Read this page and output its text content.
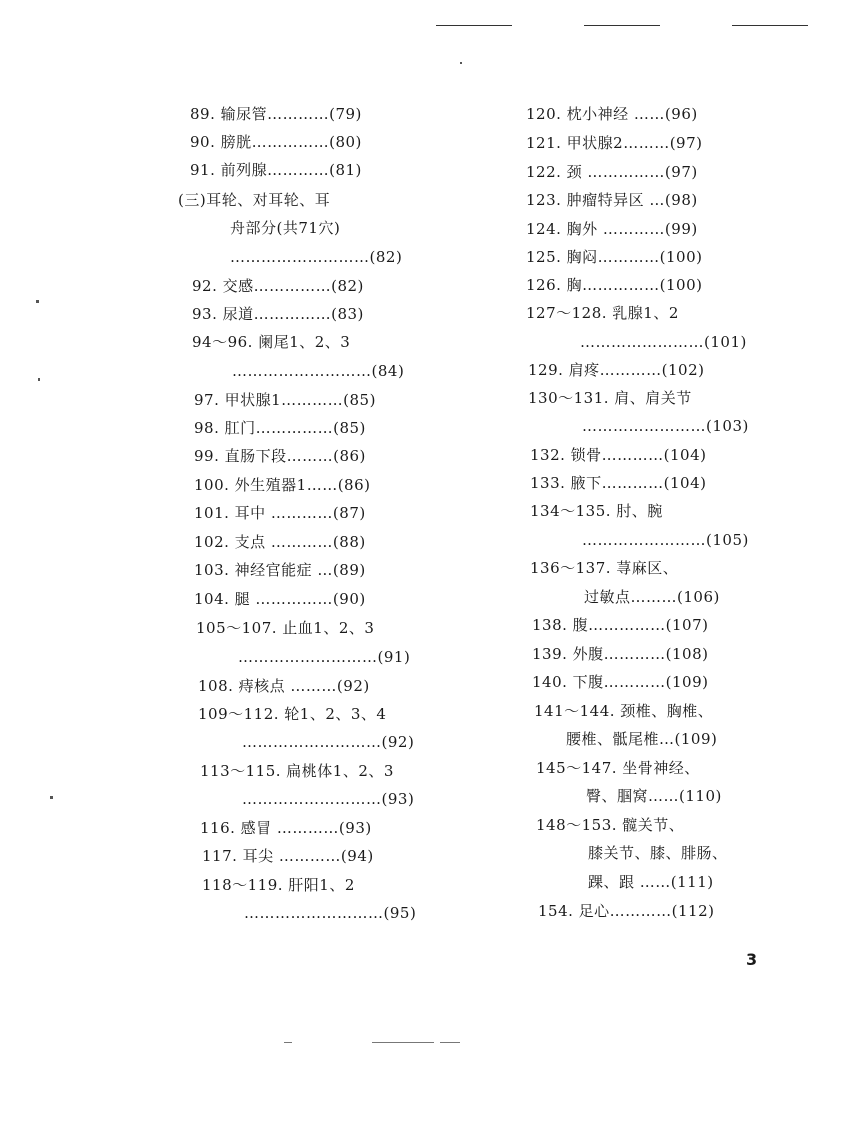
89. 输尿管…………(79)
90. 膀胱……………(80)
91. 前列腺…………(81)
(三)耳轮、对耳轮、耳
舟部分(共71穴)
………………………(82)
92. 交感……………(82)
93. 尿道……………(83)
94～96. 阑尾1、2、3
………………………(84)
97. 甲状腺1…………(85)
98. 肛门……………(85)
99. 直肠下段………(86)
100. 外生殖器1……(86)
101. 耳中 …………(87)
102. 支点 …………(88)
103. 神经官能症 …(89)
104. 腿 ……………(90)
105～107. 止血1、2、3
………………………(91)
108. 痔核点 ………(92)
109～112. 轮1、2、3、4
………………………(92)
113～115. 扁桃体1、2、3
………………………(93)
116. 感冒 …………(93)
117. 耳尖 …………(94)
118～119. 肝阳1、2
………………………(95)
120. 枕小神经 ……(96)
121. 甲状腺2………(97)
122. 颈 ……………(97)
123. 肿瘤特异区 …(98)
124. 胸外 …………(99)
125. 胸闷…………(100)
126. 胸……………(100)
127～128. 乳腺1、2
……………………(101)
129. 肩疼…………(102)
130～131. 肩、肩关节
……………………(103)
132. 锁骨…………(104)
133. 腋下…………(104)
134～135. 肘、腕
……………………(105)
136～137. 荨麻区、
过敏点………(106)
138. 腹……………(107)
139. 外腹…………(108)
140. 下腹…………(109)
141～144. 颈椎、胸椎、
腰椎、骶尾椎…(109)
145～147. 坐骨神经、
臀、腘窝……(110)
148～153. 髋关节、
膝关节、膝、腓肠、
踝、跟 ……(111)
154. 足心…………(112)
3
